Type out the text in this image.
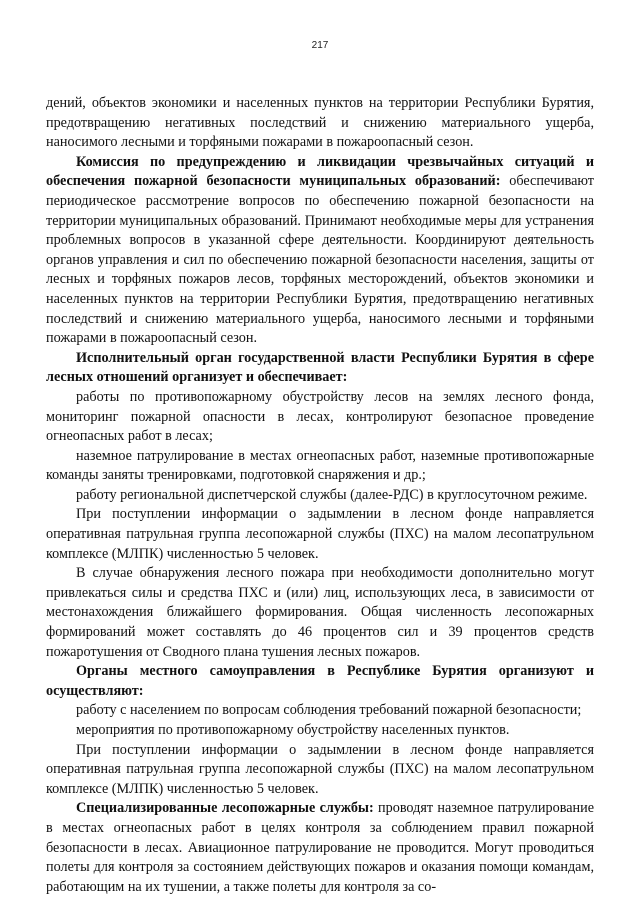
217

дений, объектов экономики и населенных пунктов на территории Республики Бурятия, предотвращению негативных последствий и снижению материального ущерба, наносимого лесными и торфяными пожарами в пожароопасный сезон.

Комиссия по предупреждению и ликвидации чрезвычайных ситуаций и обеспечения пожарной безопасности муниципальных образований: обеспечивают периодическое рассмотрение вопросов по обеспечению пожарной безопасности на территории муниципальных образований. Принимают необходимые меры для устранения проблемных вопросов в указанной сфере деятельности. Координируют деятельность органов управления и сил по обеспечению пожарной безопасности населения, защиты от лесных и торфяных пожаров лесов, торфяных месторождений, объектов экономики и населенных пунктов на территории Республики Бурятия, предотвращению негативных последствий и снижению материального ущерба, наносимого лесными и торфяными пожарами в пожароопасный сезон.

Исполнительный орган государственной власти Республики Бурятия в сфере лесных отношений организует и обеспечивает:

работы по противопожарному обустройству лесов на землях лесного фонда, мониторинг пожарной опасности в лесах, контролируют безопасное проведение огнеопасных работ в лесах;

наземное патрулирование в местах огнеопасных работ, наземные противопожарные команды заняты тренировками, подготовкой снаряжения и др.;

работу региональной диспетчерской службы (далее-РДС) в круглосуточном режиме.

При поступлении информации о задымлении в лесном фонде направляется оперативная патрульная группа лесопожарной службы (ПХС) на малом лесопатрульном комплексе (МЛПК) численностью 5 человек.

В случае обнаружения лесного пожара при необходимости дополнительно могут привлекаться силы и средства ПХС и (или) лиц, использующих леса, в зависимости от местонахождения ближайшего формирования. Общая численность лесопожарных формирований может составлять до 46 процентов сил и 39 процентов средств пожаротушения от Сводного плана тушения лесных пожаров.

Органы местного самоуправления в Республике Бурятия организуют и осуществляют:

работу с населением по вопросам соблюдения требований пожарной безопасности;

мероприятия по противопожарному обустройству населенных пунктов.

При поступлении информации о задымлении в лесном фонде направляется оперативная патрульная группа лесопожарной службы (ПХС) на малом лесопатрульном комплексе (МЛПК) численностью 5 человек.

Специализированные лесопожарные службы: проводят наземное патрулирование в местах огнеопасных работ в целях контроля за соблюдением правил пожарной безопасности в лесах. Авиационное патрулирование не проводится. Могут проводиться полеты для контроля за состоянием действующих пожаров и оказания помощи командам, работающим на их тушении, а также полеты для контроля за со-
